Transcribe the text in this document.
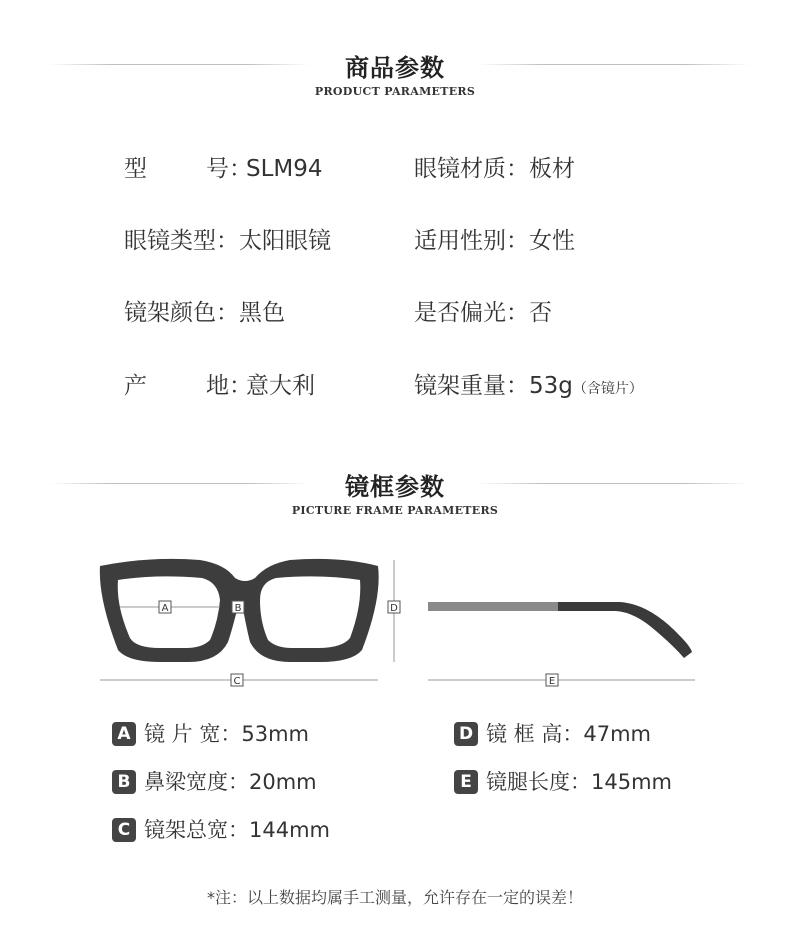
商品参数
PRODUCT PARAMETERS
型	号：SLM94	眼镜材质：板材
眼镜类型：太阳眼镜	适用性别：女性
镜架颜色：黑色	是否偏光：否
产	地：意大利	镜架重量：53g（含镜片）
镜框参数
PICTURE FRAME PARAMETERS
A	B	D
C	E
A 镜 片 宽：53mm	D 镜 框 高：47mm
B 鼻梁宽度：20mm	E 镜腿长度：145mm
C 镜架总宽：144mm
*注：以上数据均属手工测量，允许存在一定的误差！
